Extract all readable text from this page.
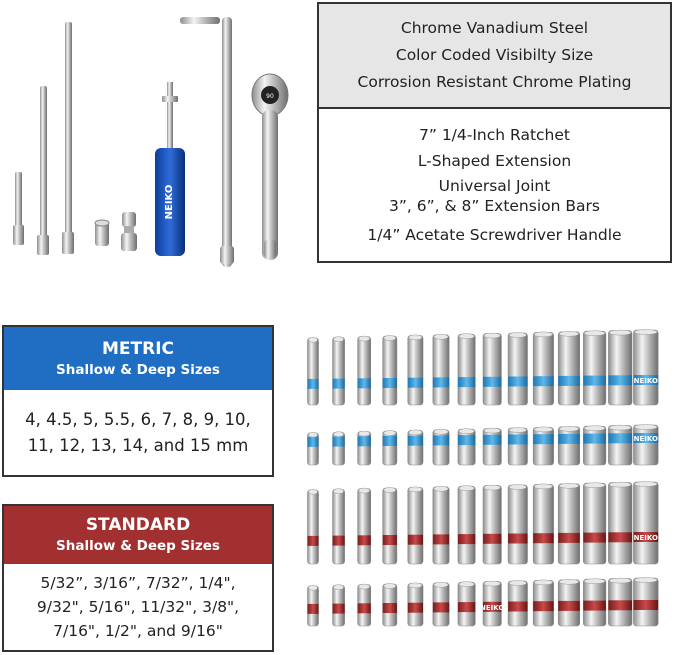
NEIKO
90
NEIKO
NEIKO
NEIKO
NEIKO
Chrome Vanadium Steel
Color Coded Visibilty Size
Corrosion Resistant Chrome Plating
7” 1/4-Inch Ratchet
L-Shaped Extension
Universal Joint
3”, 6”, & 8” Extension Bars
1/4” Acetate Screwdriver Handle
METRIC
Shallow & Deep Sizes
4, 4.5, 5, 5.5, 6, 7, 8, 9, 10,
11, 12, 13, 14, and 15 mm
STANDARD
Shallow & Deep Sizes
5/32”, 3/16”, 7/32”, 1/4",
9/32", 5/16", 11/32", 3/8",
7/16", 1/2", and 9/16"
